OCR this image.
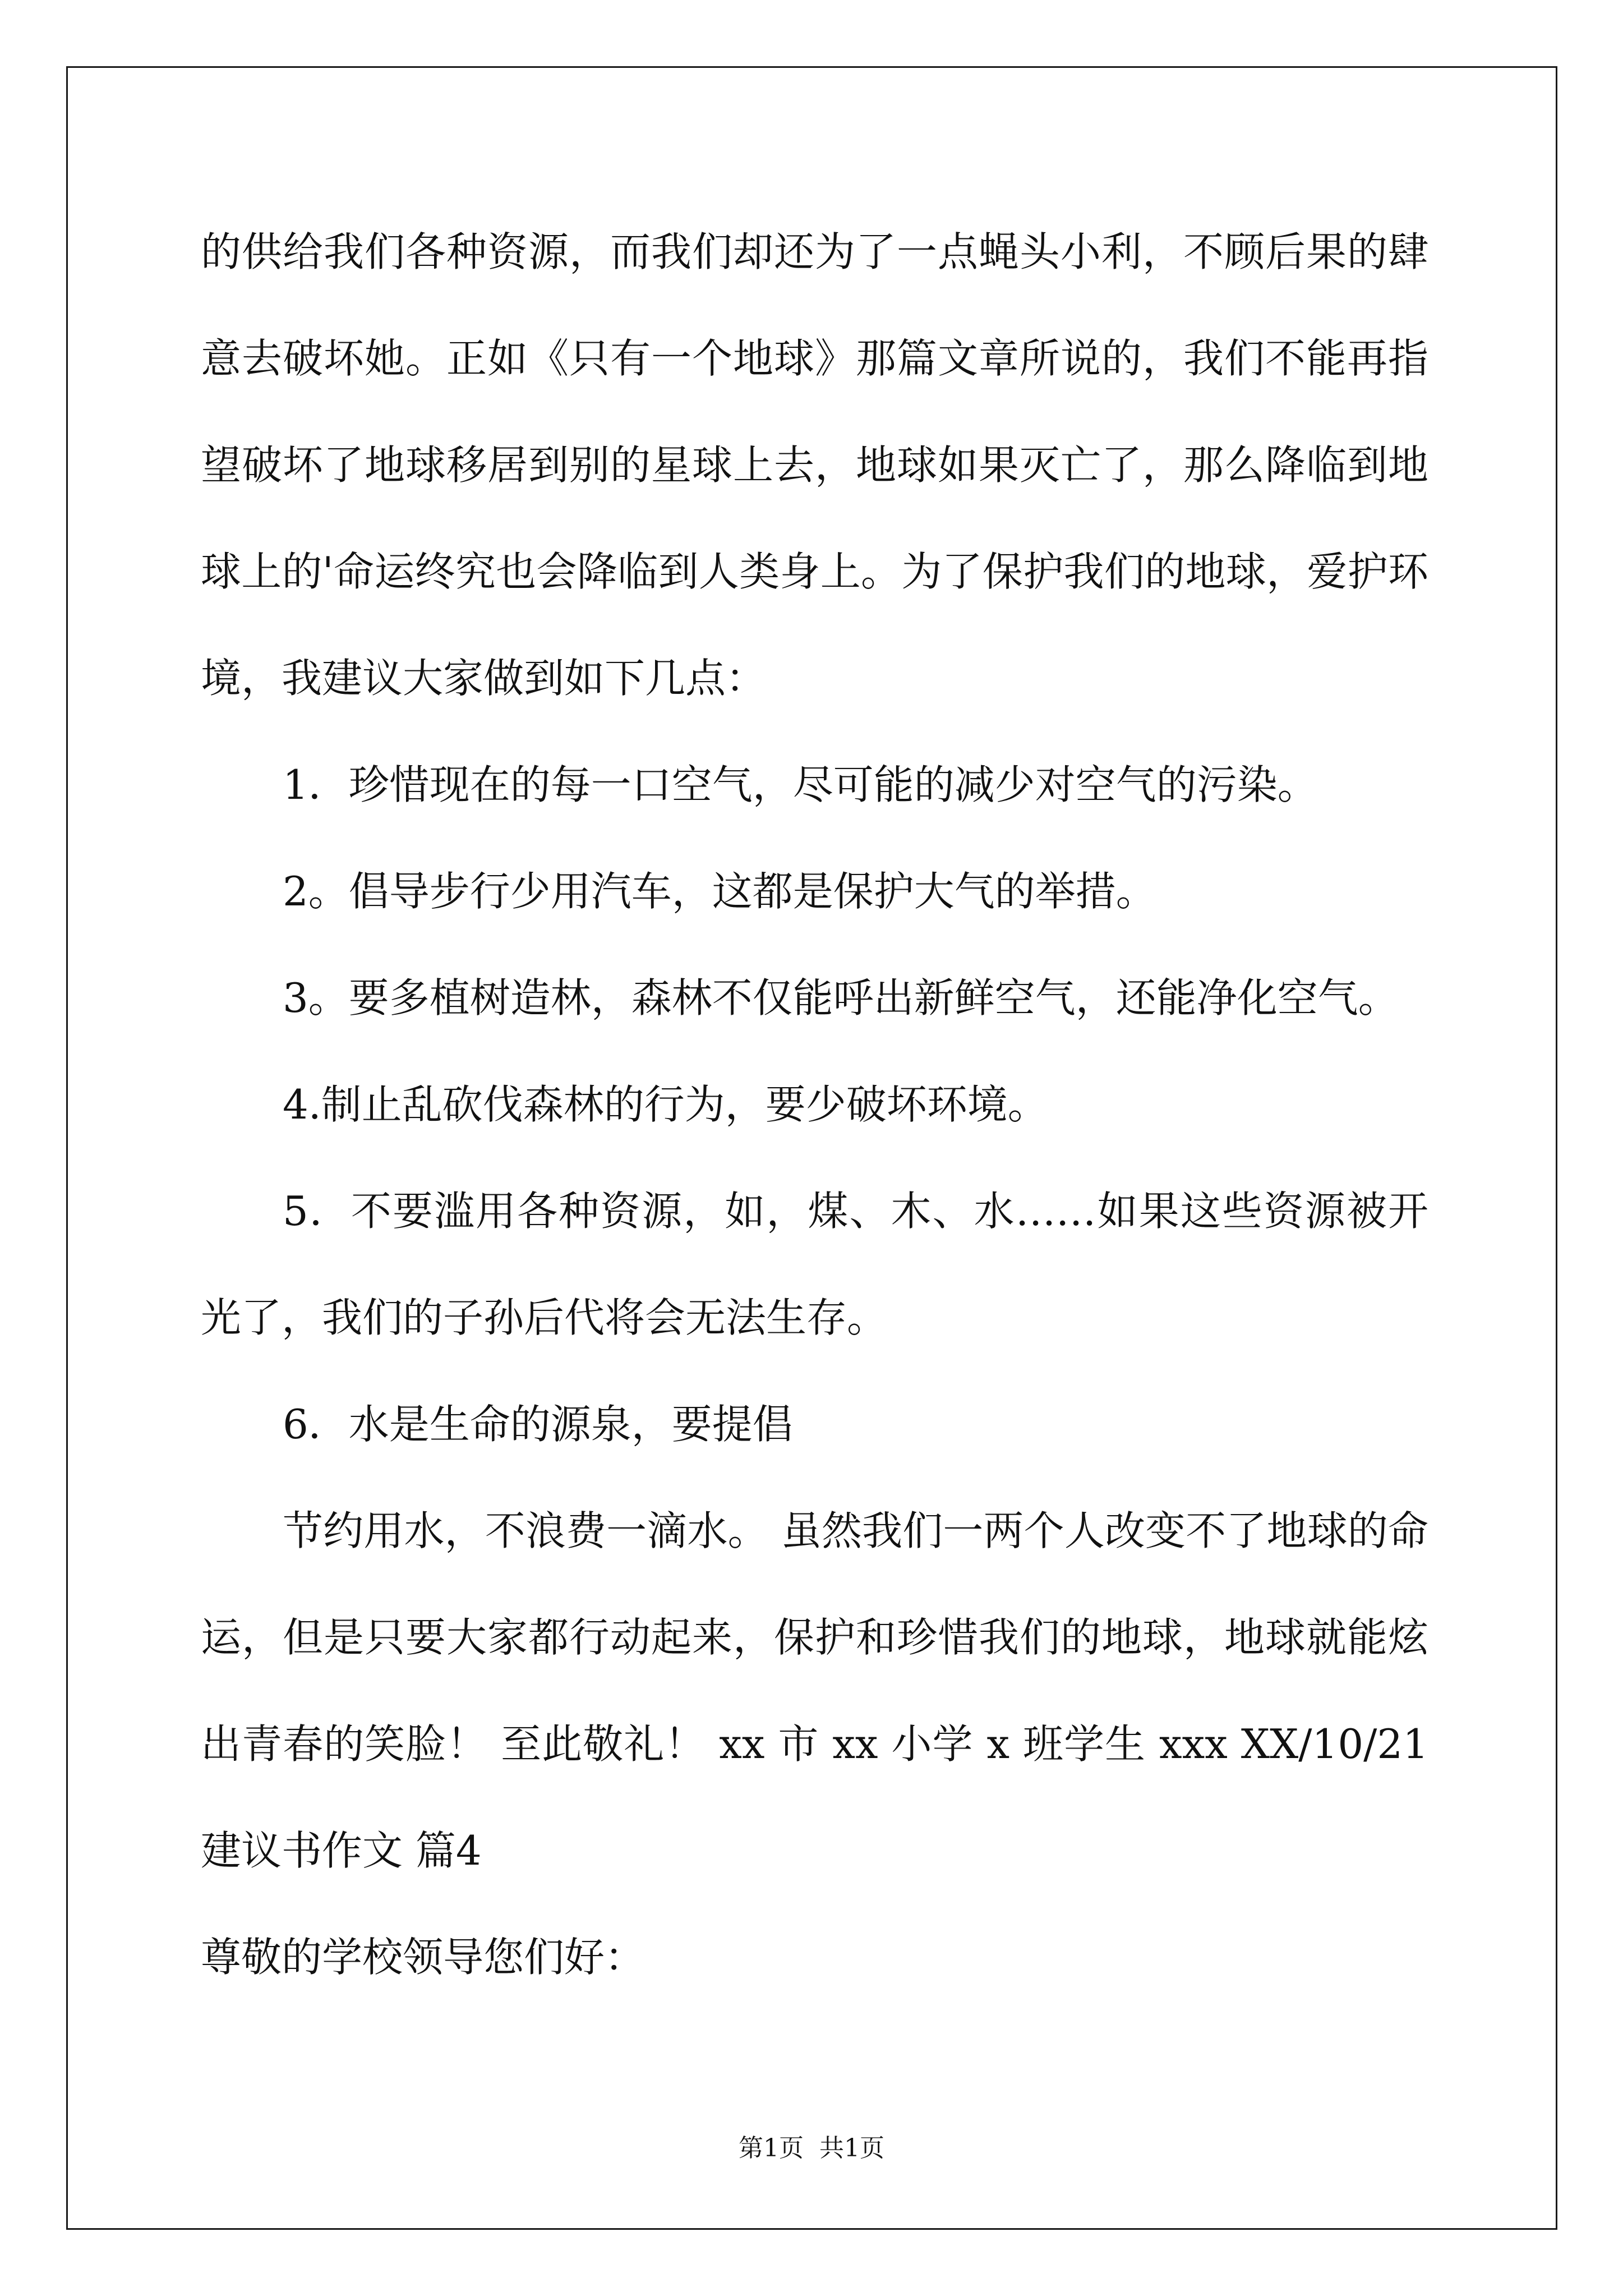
的供给我们各种资源，而我们却还为了一点蝇头小利，不顾后果的肆
意去破坏她。正如《只有一个地球》那篇文章所说的，我们不能再指
望破坏了地球移居到别的星球上去，地球如果灭亡了，那么降临到地
球上的'命运终究也会降临到人类身上。为了保护我们的地球，爱护环
境，我建议大家做到如下几点：
1．珍惜现在的每一口空气，尽可能的减少对空气的污染。
2。倡导步行少用汽车，这都是保护大气的举措。
3。要多植树造林，森林不仅能呼出新鲜空气，还能净化空气。
4.制止乱砍伐森林的行为，要少破坏环境。
5．不要滥用各种资源，如，煤、木、水……如果这些资源被开
光了，我们的子孙后代将会无法生存。
6．水是生命的源泉，要提倡
节约用水，不浪费一滴水。 虽然我们一两个人改变不了地球的命
运，但是只要大家都行动起来，保护和珍惜我们的地球，地球就能炫
出青春的笑脸！ 至此敬礼！ xx 市 xx 小学 x 班学生 xxx XX/10/21
建议书作文 篇4
尊敬的学校领导您们好：
第1页  共1页
